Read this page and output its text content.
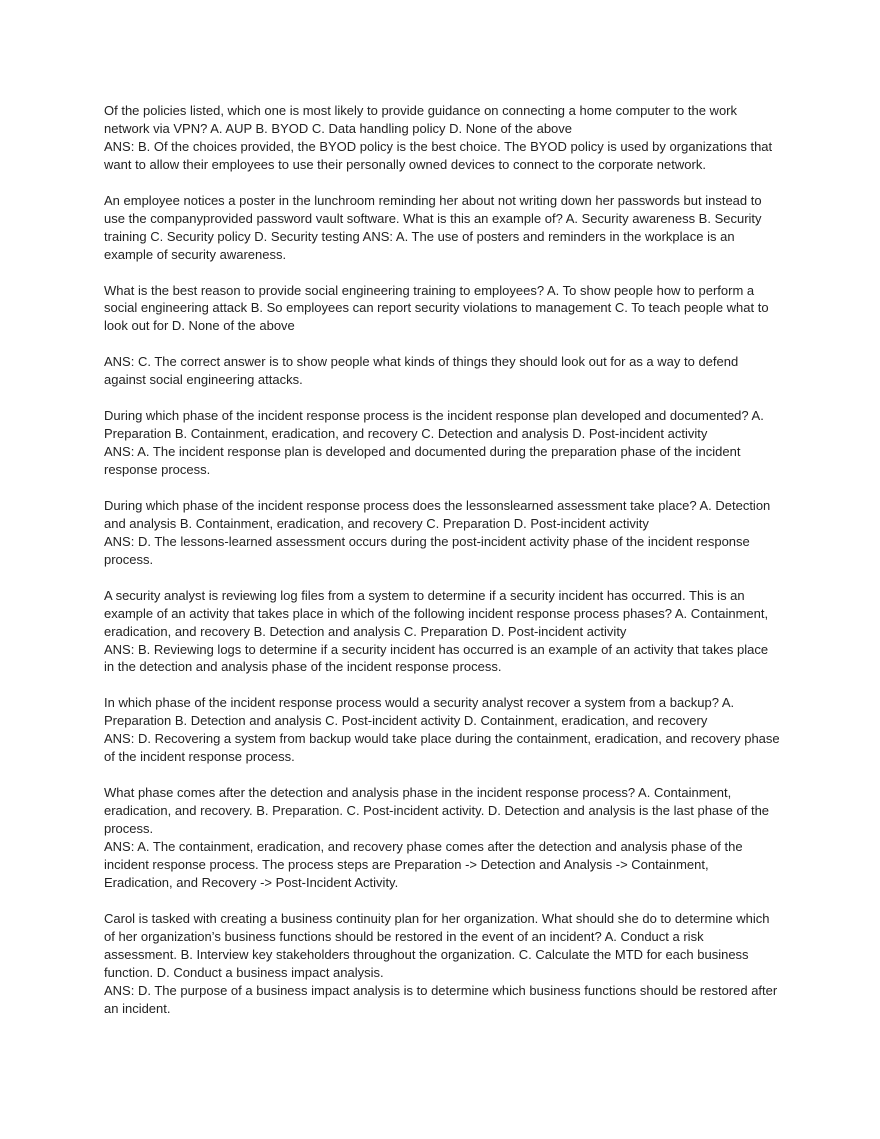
Of the policies listed, which one is most likely to provide guidance on connecting a home computer to the work
network via VPN? A. AUP B. BYOD C. Data handling policy D. None of the above
ANS: B. Of the choices provided, the BYOD policy is the best choice. The BYOD policy is used by organizations that
want to allow their employees to use their personally owned devices to connect to the corporate network.

An employee notices a poster in the lunchroom reminding her about not writing down her passwords but instead to
use the companyprovided password vault software. What is this an example of? A. Security awareness B. Security
training C. Security policy D. Security testing ANS: A. The use of posters and reminders in the workplace is an
example of security awareness.

What is the best reason to provide social engineering training to employees? A. To show people how to perform a
social engineering attack B. So employees can report security violations to management C. To teach people what to
look out for D. None of the above

ANS: C. The correct answer is to show people what kinds of things they should look out for as a way to defend
against social engineering attacks.

During which phase of the incident response process is the incident response plan developed and documented? A.
Preparation B. Containment, eradication, and recovery C. Detection and analysis D. Post-incident activity
ANS: A. The incident response plan is developed and documented during the preparation phase of the incident
response process.

During which phase of the incident response process does the lessonslearned assessment take place? A. Detection
and analysis B. Containment, eradication, and recovery C. Preparation D. Post-incident activity
ANS: D. The lessons-learned assessment occurs during the post-incident activity phase of the incident response
process.

A security analyst is reviewing log files from a system to determine if a security incident has occurred. This is an
example of an activity that takes place in which of the following incident response process phases? A. Containment,
eradication, and recovery B. Detection and analysis C. Preparation D. Post-incident activity
ANS: B. Reviewing logs to determine if a security incident has occurred is an example of an activity that takes place
in the detection and analysis phase of the incident response process.

In which phase of the incident response process would a security analyst recover a system from a backup? A.
Preparation B. Detection and analysis C. Post-incident activity D. Containment, eradication, and recovery
ANS: D. Recovering a system from backup would take place during the containment, eradication, and recovery phase
of the incident response process.

What phase comes after the detection and analysis phase in the incident response process? A. Containment,
eradication, and recovery. B. Preparation. C. Post-incident activity. D. Detection and analysis is the last phase of the
process.
ANS: A. The containment, eradication, and recovery phase comes after the detection and analysis phase of the
incident response process. The process steps are Preparation -> Detection and Analysis -> Containment,
Eradication, and Recovery -> Post-Incident Activity.

Carol is tasked with creating a business continuity plan for her organization. What should she do to determine which
of her organization’s business functions should be restored in the event of an incident? A. Conduct a risk
assessment. B. Interview key stakeholders throughout the organization. C. Calculate the MTD for each business
function. D. Conduct a business impact analysis.
ANS: D. The purpose of a business impact analysis is to determine which business functions should be restored after
an incident.
